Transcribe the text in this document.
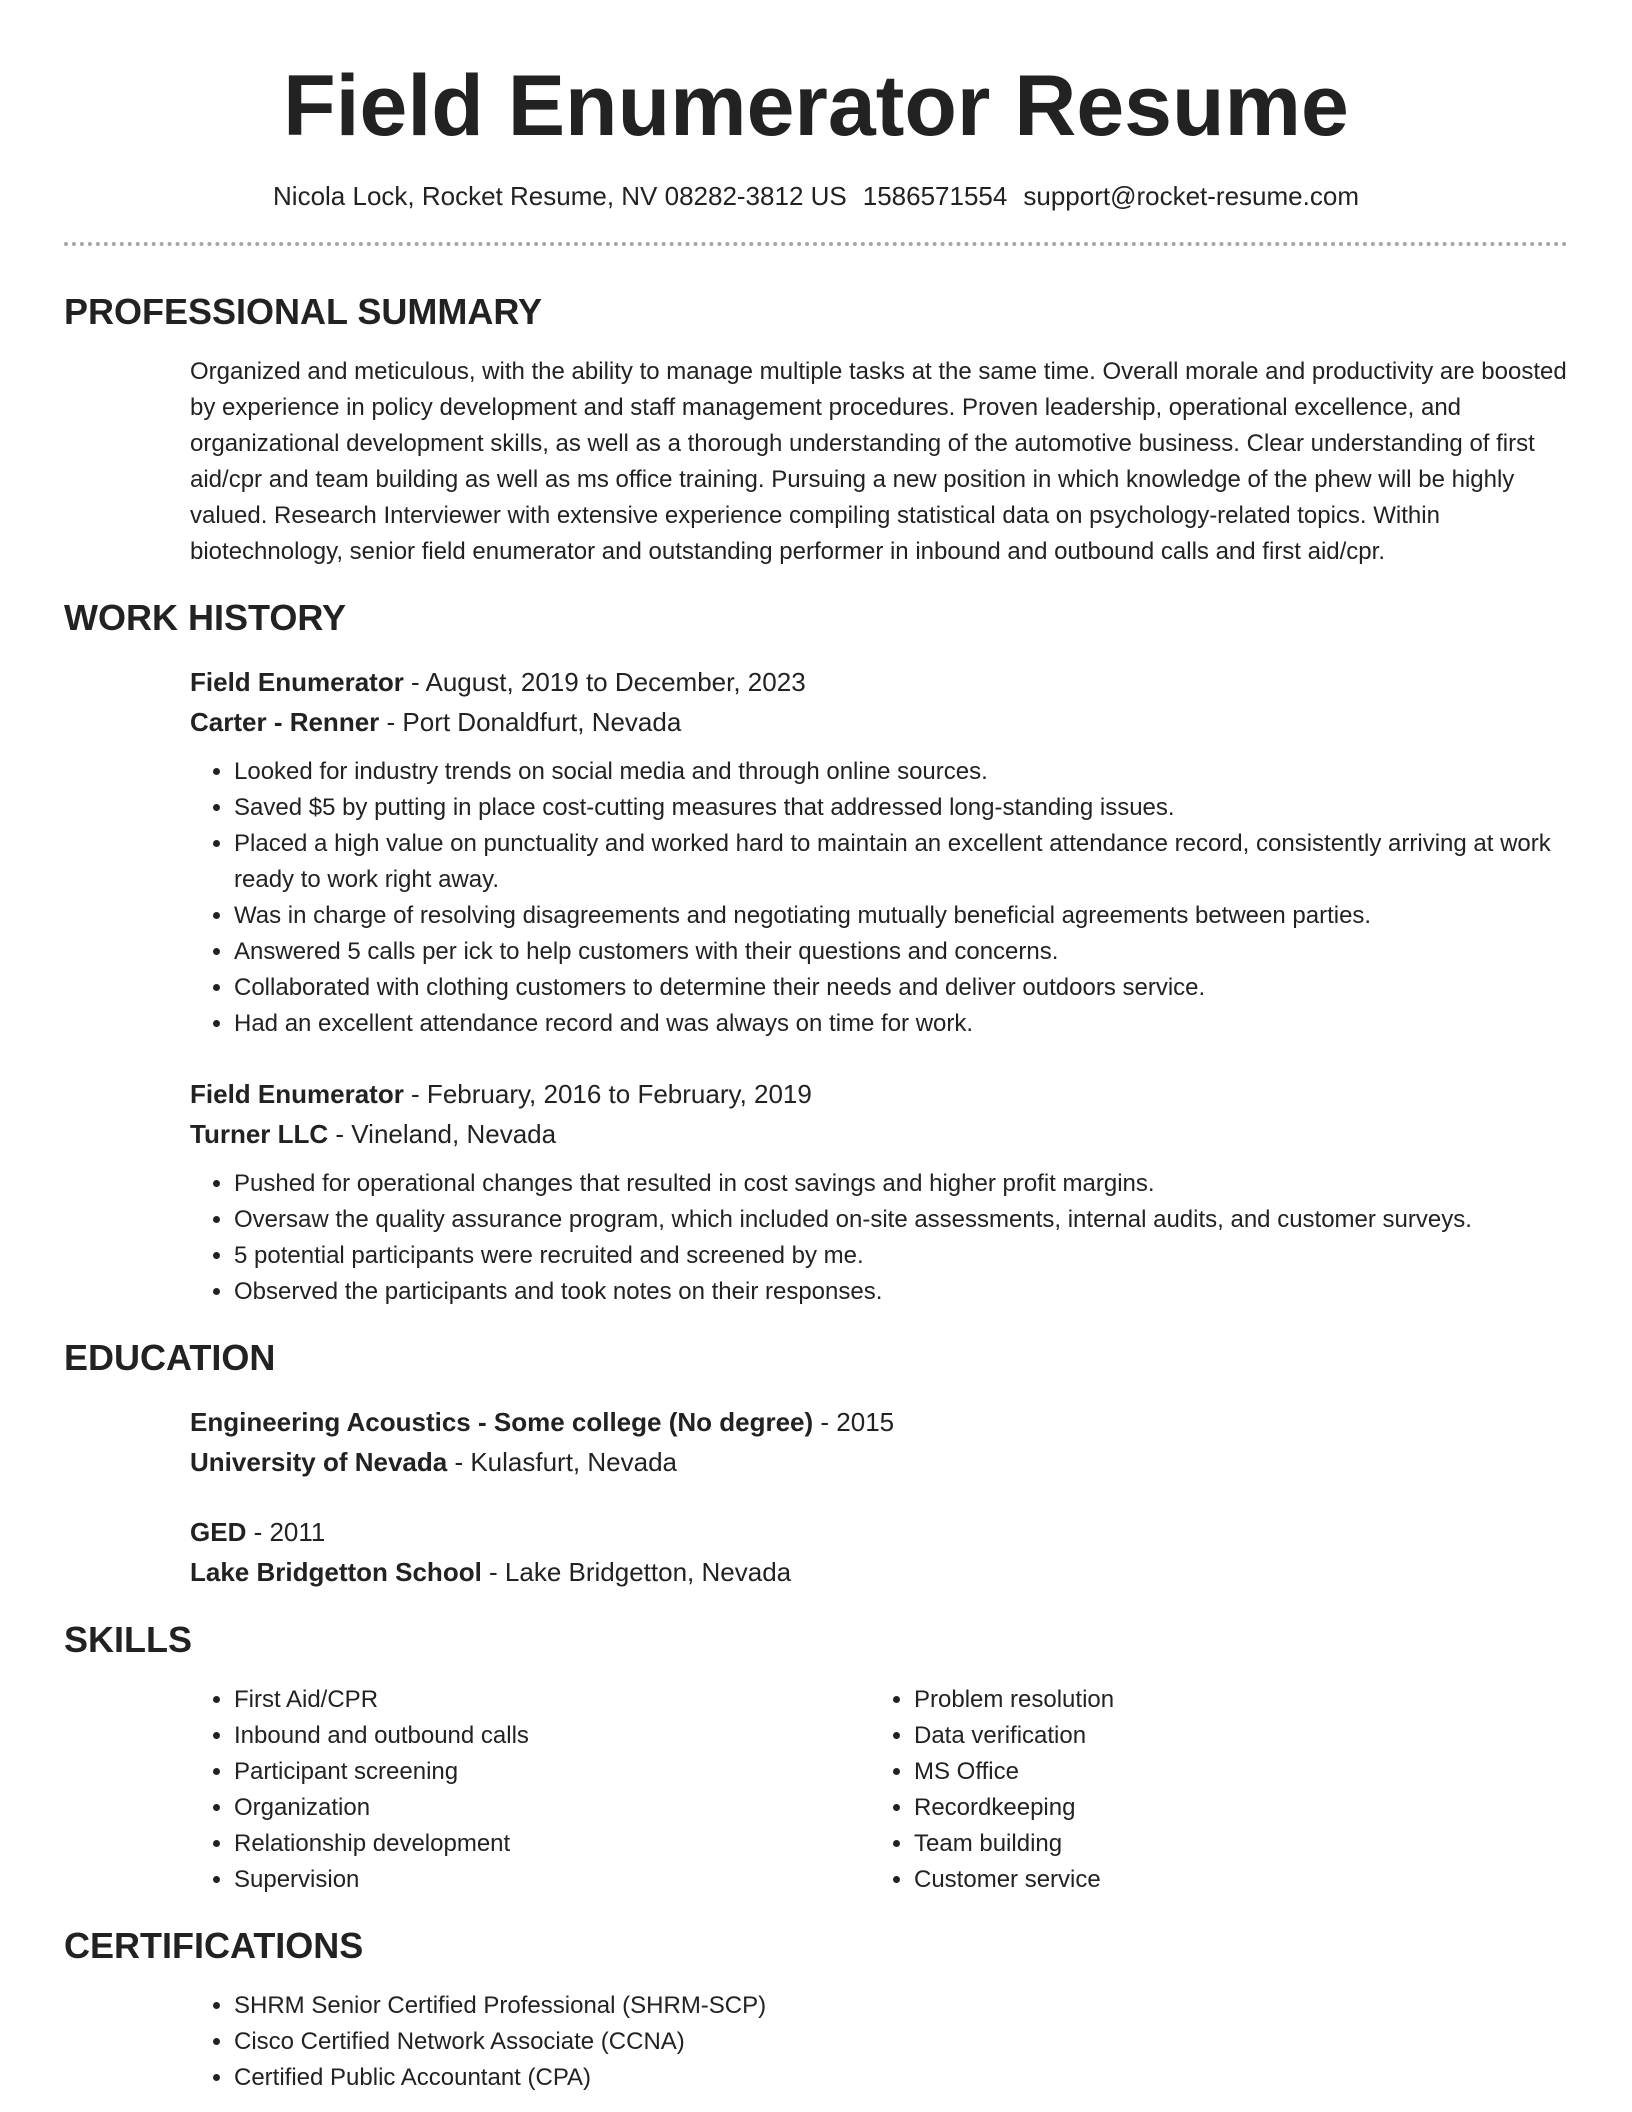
Field Enumerator Resume
Nicola Lock, Rocket Resume, NV 08282-3812 US 1586571554 support@rocket-resume.com
PROFESSIONAL SUMMARY

Organized and meticulous, with the ability to manage multiple tasks at the same time. Overall morale and productivity are boosted by experience in policy development and staff management procedures. Proven leadership, operational excellence, and organizational development skills, as well as a thorough understanding of the automotive business. Clear understanding of first aid/cpr and team building as well as ms office training. Pursuing a new position in which knowledge of the phew will be highly valued. Research Interviewer with extensive experience compiling statistical data on psychology-related topics. Within biotechnology, senior field enumerator and outstanding performer in inbound and outbound calls and first aid/cpr.

WORK HISTORY
Field Enumerator - August, 2019 to December, 2023
Carter - Renner - Port Donaldfurt, Nevada
• Looked for industry trends on social media and through online sources.
• Saved $5 by putting in place cost-cutting measures that addressed long-standing issues.
• Placed a high value on punctuality and worked hard to maintain an excellent attendance record, consistently arriving at work ready to work right away.
• Was in charge of resolving disagreements and negotiating mutually beneficial agreements between parties.
• Answered 5 calls per ick to help customers with their questions and concerns.
• Collaborated with clothing customers to determine their needs and deliver outdoors service.
• Had an excellent attendance record and was always on time for work.
Field Enumerator - February, 2016 to February, 2019
Turner LLC - Vineland, Nevada
• Pushed for operational changes that resulted in cost savings and higher profit margins.
• Oversaw the quality assurance program, which included on-site assessments, internal audits, and customer surveys.
• 5 potential participants were recruited and screened by me.
• Observed the participants and took notes on their responses.
EDUCATION
Engineering Acoustics - Some college (No degree) - 2015
University of Nevada - Kulasfurt, Nevada
GED - 2011
Lake Bridgetton School - Lake Bridgetton, Nevada
SKILLS
• First Aid/CPR
• Inbound and outbound calls
• Participant screening
• Organization
• Relationship development
• Supervision
• Problem resolution
• Data verification
• MS Office
• Recordkeeping
• Team building
• Customer service
CERTIFICATIONS
• SHRM Senior Certified Professional (SHRM-SCP)
• Cisco Certified Network Associate (CCNA)
• Certified Public Accountant (CPA)
